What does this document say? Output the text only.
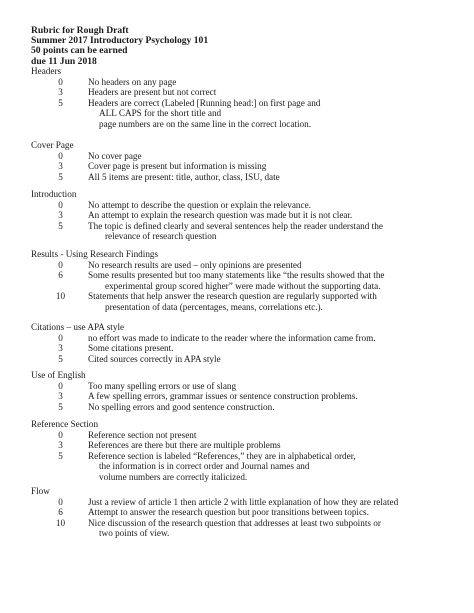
Rubric for Rough Draft
Summer 2017 Introductory Psychology 101
50 points can be earned
due 11 Jun 2018
Headers
0	No headers on any page
3	Headers are present but not correct
5	Headers are correct (Labeled [Running head:] on first page and
ALL CAPS for the short title and
page numbers are on the same line in the correct location.
Cover Page
0	No cover page
3	Cover page is present but information is missing
5	All 5 items are present: title, author, class, ISU, date
Introduction
0	No attempt to describe the question or explain the relevance.
3	An attempt to explain the research question was made but it is not clear.
5	The topic is defined clearly and several sentences help the reader understand the
relevance of research question
Results - Using Research Findings
0	No research results are used – only opinions are presented
6	Some results presented but too many statements like “the results showed that the
experimental group scored higher” were made without the supporting data.
10	Statements that help answer the research question are regularly supported with
presentation of data (percentages, means, correlations etc.).
Citations – use APA style
0	no effort was made to indicate to the reader where the information came from.
3	Some citations present.
5	Cited sources correctly in APA style
Use of English
0	Too many spelling errors or use of slang
3	A few spelling errors, grammar issues or sentence construction problems.
5	No spelling errors and good sentence construction.
Reference Section
0	Reference section not present
3	References are there but there are multiple problems
5	Reference section is labeled “References,” they are in alphabetical order,
the information is in correct order and Journal names and
volume numbers are correctly italicized.
Flow
0	Just a review of article 1 then article 2 with little explanation of how they are related
6	Attempt to answer the research question but poor transitions between topics.
10	Nice discussion of the research question that addresses at least two subpoints or
two points of view.
